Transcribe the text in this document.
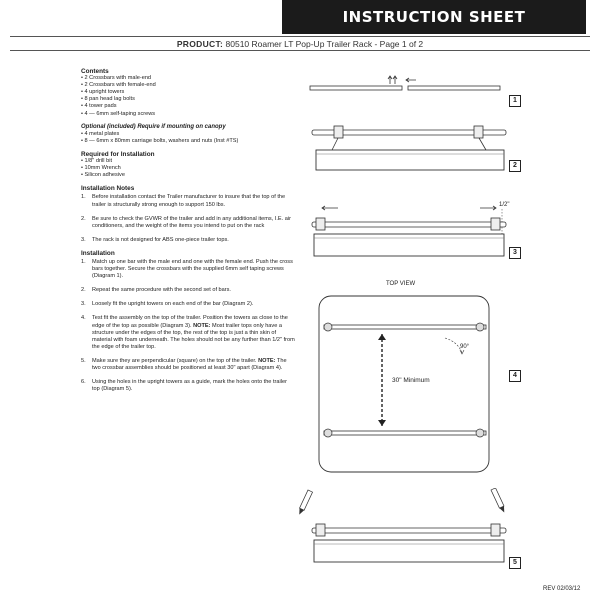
INSTRUCTION SHEET
PRODUCT: 80510 Roamer LT Pop-Up Trailer Rack - Page 1 of 2
Contents
• 2 Crossbars with male-end
• 2 Crossbars with female-end
• 4 upright towers
• 8 pan head lag bolts
• 4 tower pads
• 4 — 6mm self-taping screws
Optional (included) Require if mounting on canopy
• 4 metal plates
• 8 — 6mm x 80mm carriage bolts, washers and nuts (Inst #TS)
Required for Installation
• 1/8" drill bit
• 10mm Wrench
• Silicon adhesive
Installation Notes
1.	Before installation contact the Trailer manufacturer to insure that the top of the trailer is structurally strong enough to support 150 lbs.
2.	Be sure to check the GVWR of the trailer and add in any additional items, I.E. air conditioners, and the weight of the items you intend to put on the rack
3.	The rack is not designed for ABS one-piece trailer tops.
Installation
1.	Match up one bar with the male end and one with the female end. Push the cross bars together. Secure the crossbars with the supplied 6mm self taping screws (Diagram 1).
2.	Repeat the same procedure with the second set of bars.
3.	Loosely fit the upright towers on each end of the bar (Diagram 2).
4.	Test fit the assembly on the top of the trailer. Position the towers as close to the edge of the top as possible (Diagram 3). NOTE: Most trailer tops only have a structure under the edges of the top, the rest of the top is just a thin skin of material with foam underneath. The holes should not be any further than 1/2" from the edge of the trailer top.
5.	Make sure they are perpendicular (square) on the top of the trailer. NOTE: The two crossbar assemblies should be positioned at least 30" apart (Diagram 4).
6.	Using the holes in the upright towers as a guide, mark the holes onto the trailer top (Diagram 5).
1
2
1/2"
3
TOP VIEW
30" Minimum
90°
4
5
REV 02/03/12
